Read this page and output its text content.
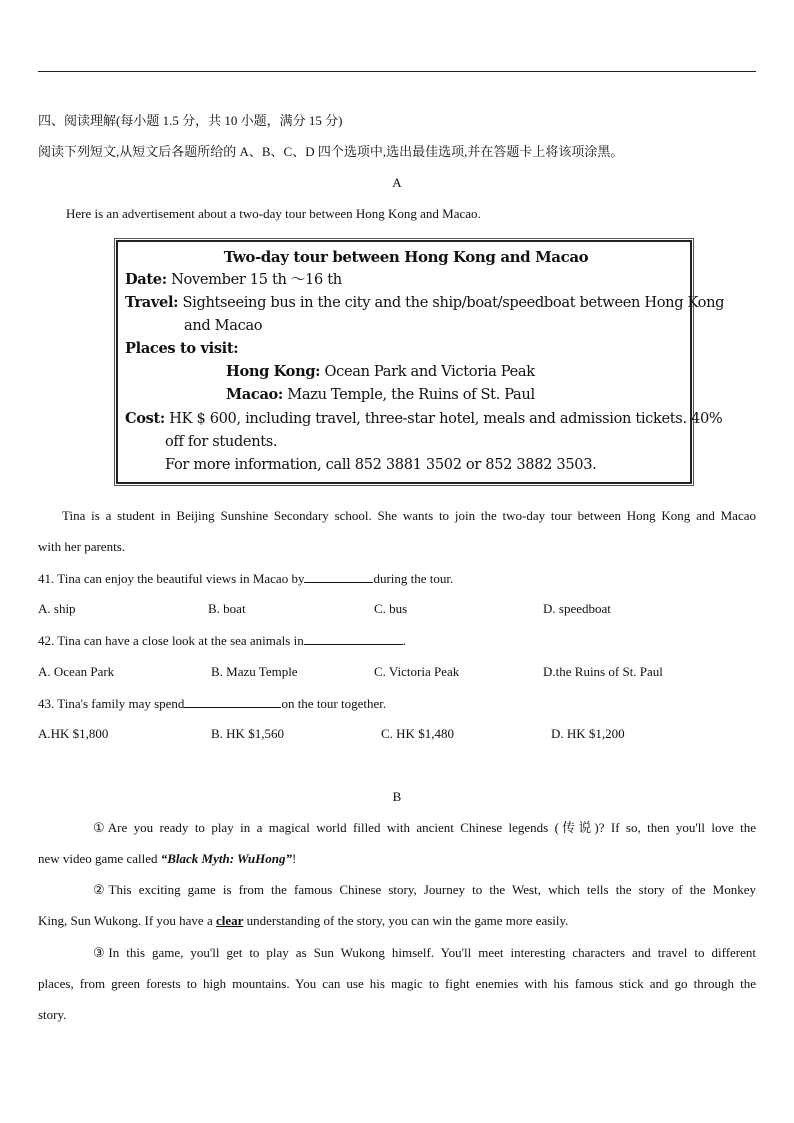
四、阅读理解(每小题 1.5 分，共 10 小题，满分 15 分)
阅读下列短文,从短文后各题所给的 A、B、C、D 四个选项中,选出最佳选项,并在答题卡上将该项涂黑。
A
Here is an advertisement about a two-day tour between Hong Kong and Macao.
Two-day tour between Hong Kong and Macao
Date: November 15 th ～16 th
Travel: Sightseeing bus in the city and the ship/boat/speedboat between Hong Kong
and Macao
Places to visit:
Hong Kong: Ocean Park and Victoria Peak
Macao: Mazu Temple, the Ruins of St. Paul
Cost: HK $ 600, including travel, three-star hotel, meals and admission tickets. 40%
off for students.
For more information, call 852 3881 3502 or 852 3882 3503.
Tina is a student in Beijing Sunshine Secondary school. She wants to join the two-day tour between Hong Kong and Macao
with her parents.
41. Tina can enjoy the beautiful views in Macao by	during the tour.
A. ship	B. boat	C. bus	D. speedboat
42. Tina can have a close look at the sea animals in	.
A. Ocean Park	B. Mazu Temple	C. Victoria Peak	D.the Ruins of St. Paul
43. Tina's family may spend	on the tour together.
A.HK $1,800	B. HK $1,560	C. HK $1,480	D. HK $1,200
B
①Are you ready to play in a magical world filled with ancient Chinese legends (传说)? If so, then you'll love the
new video game called “Black Myth: WuHong”!
②This exciting game is from the famous Chinese story, Journey to the West, which tells the story of the Monkey
King, Sun Wukong. If you have a clear understanding of the story, you can win the game more easily.
③In this game, you'll get to play as Sun Wukong himself. You'll meet interesting characters and travel to different
places, from green forests to high mountains. You can use his magic to fight enemies with his famous stick and go through the
story.
